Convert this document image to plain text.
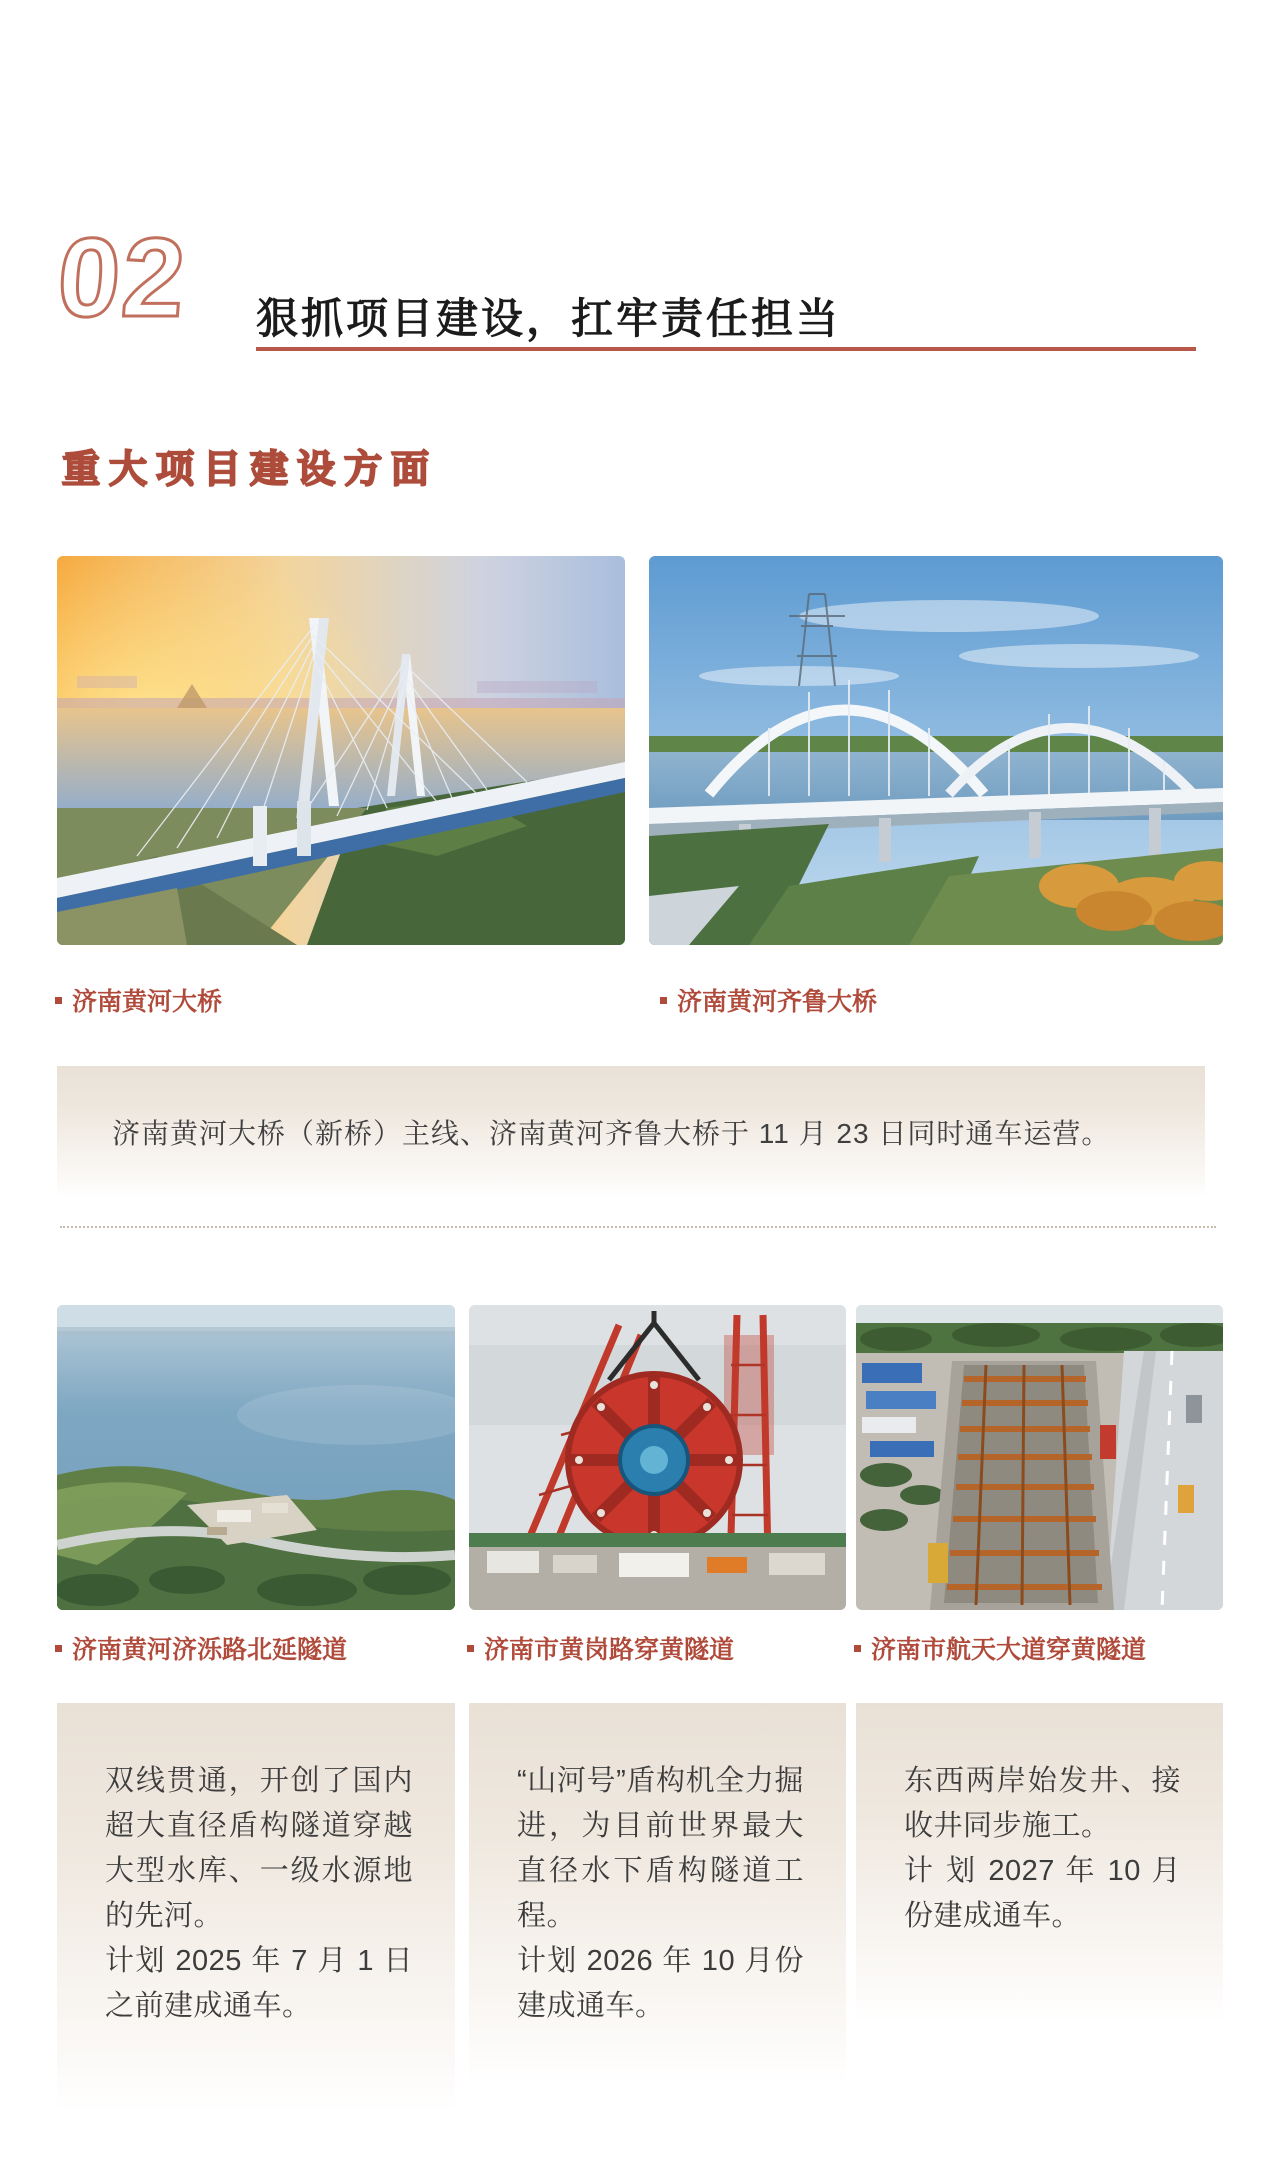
02 狠抓项目建设，扛牢责任担当
重大项目建设方面
济南黄河大桥	济南黄河齐鲁大桥

济南黄河大桥（新桥）主线、济南黄河齐鲁大桥于 11 月 23 日同时通车运营。

济南黄河济泺路北延隧道	济南市黄岗路穿黄隧道	济南市航天大道穿黄隧道

双线贯通，开创了国内超大直径盾构隧道穿越大型水库、一级水源地的先河。

计划 2025 年 7 月 1 日之前建成通车。

“山河号”盾构机全力掘进，为目前世界最大直径水下盾构隧道工程。

计划 2026 年 10 月份建成通车。

东西两岸始发井、接收井同步施工。

计 划 2027 年 10 月 份建成通车。
